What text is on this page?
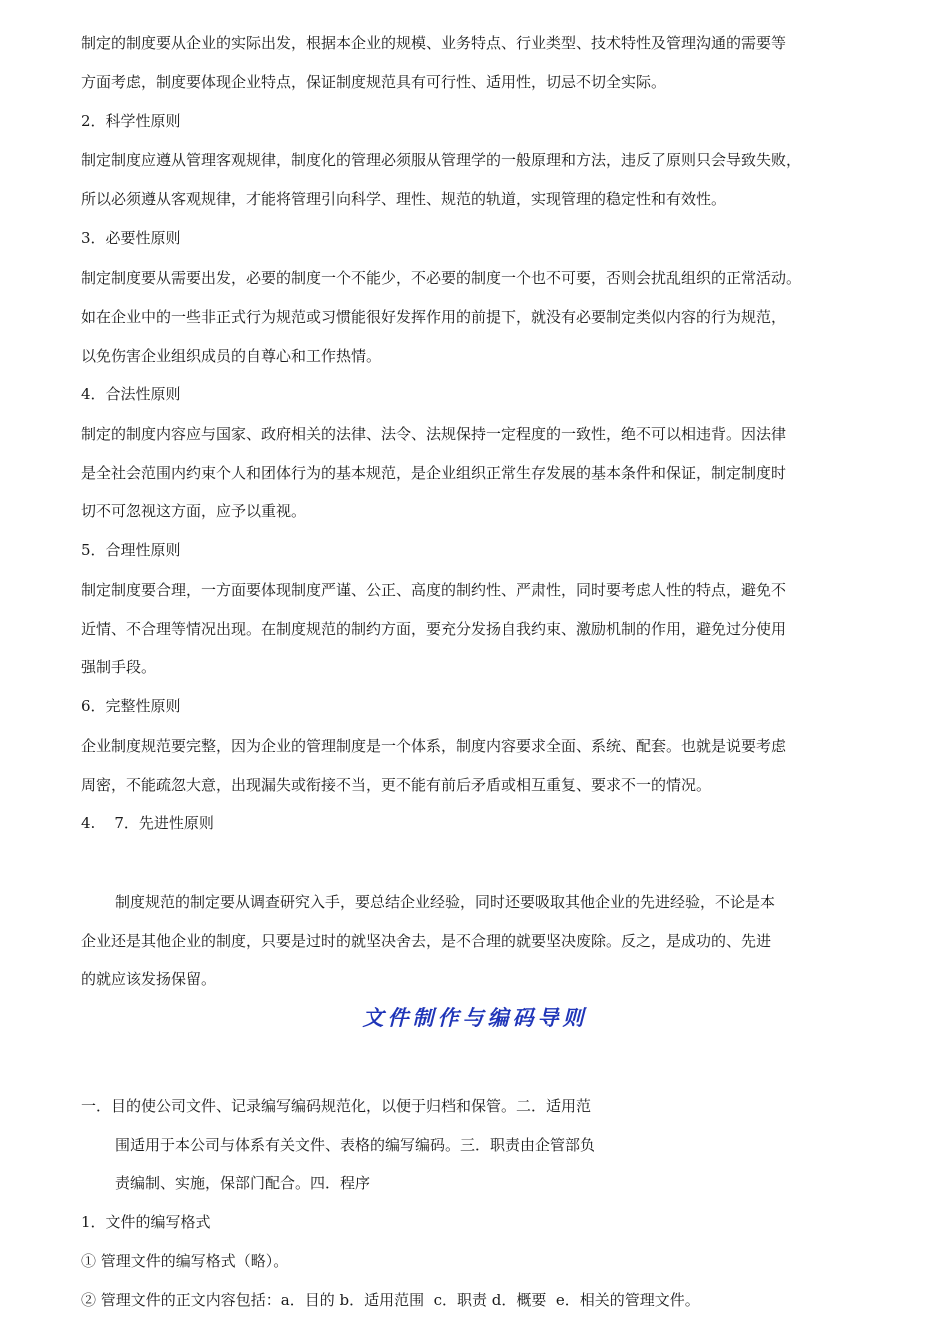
制定的制度要从企业的实际出发，根据本企业的规模、业务特点、行业类型、技术特性及管理沟通的需要等
方面考虑，制度要体现企业特点，保证制度规范具有可行性、适用性，切忌不切全实际。
2．科学性原则
制定制度应遵从管理客观规律，制度化的管理必须服从管理学的一般原理和方法，违反了原则只会导致失败，
所以必须遵从客观规律，才能将管理引向科学、理性、规范的轨道，实现管理的稳定性和有效性。
3．必要性原则
制定制度要从需要出发，必要的制度一个不能少，不必要的制度一个也不可要，否则会扰乱组织的正常活动。
如在企业中的一些非正式行为规范或习惯能很好发挥作用的前提下，就没有必要制定类似内容的行为规范，
以免伤害企业组织成员的自尊心和工作热情。
4．合法性原则
制定的制度内容应与国家、政府相关的法律、法令、法规保持一定程度的一致性，绝不可以相违背。因法律
是全社会范围内约束个人和团体行为的基本规范，是企业组织正常生存发展的基本条件和保证，制定制度时
切不可忽视这方面，应予以重视。
5．合理性原则
制定制度要合理，一方面要体现制度严谨、公正、高度的制约性、严肃性，同时要考虑人性的特点，避免不
近情、不合理等情况出现。在制度规范的制约方面，要充分发扬自我约束、激励机制的作用，避免过分使用
强制手段。
6．完整性原则
企业制度规范要完整，因为企业的管理制度是一个体系，制度内容要求全面、系统、配套。也就是说要考虑
周密，不能疏忽大意，出现漏失或衔接不当，更不能有前后矛盾或相互重复、要求不一的情况。
4.    7．先进性原则
制度规范的制定要从调查研究入手，要总结企业经验，同时还要吸取其他企业的先进经验，不论是本
企业还是其他企业的制度，只要是过时的就坚决舍去，是不合理的就要坚决废除。反之，是成功的、先进
的就应该发扬保留。
文件制作与编码导则
一．目的使公司文件、记录编写编码规范化，以便于归档和保管。二．适用范
围适用于本公司与体系有关文件、表格的编写编码。三．职责由企管部负
责编制、实施，保部门配合。四．程序
1．文件的编写格式
① 管理文件的编写格式（略）。
② 管理文件的正文内容包括：a．目的 b．适用范围  c．职责 d．概要  e．相关的管理文件。
